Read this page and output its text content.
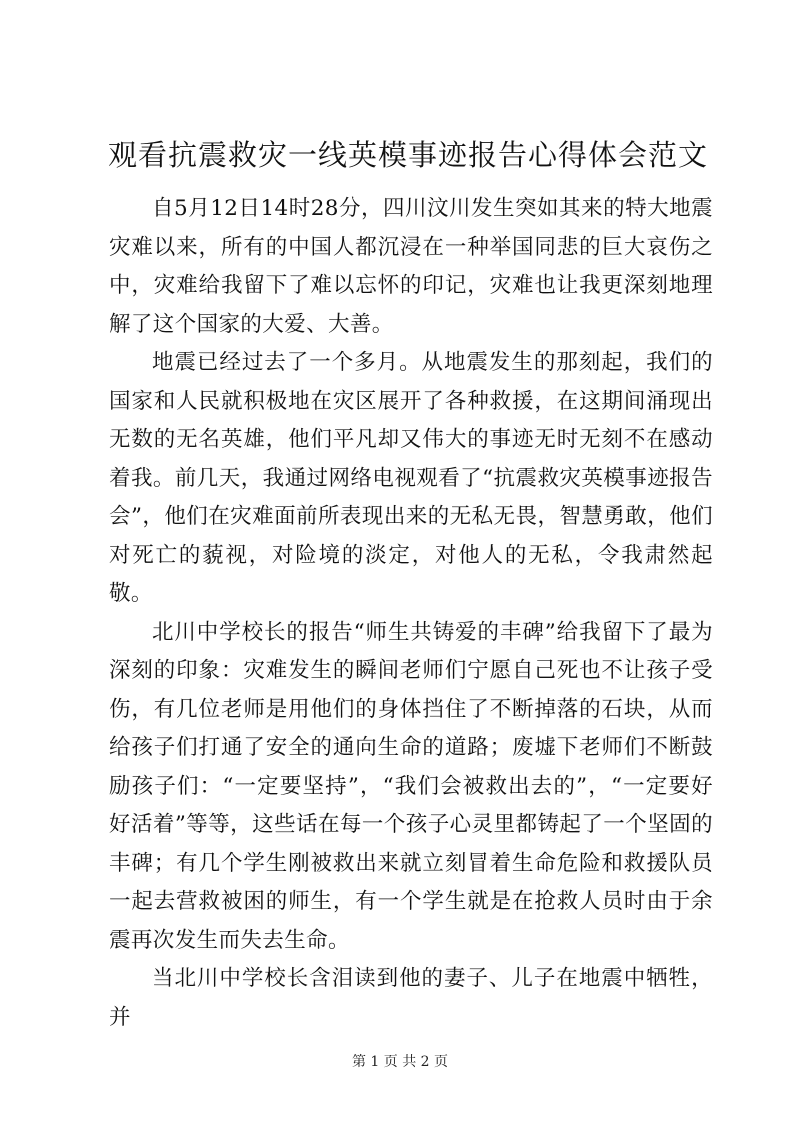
观看抗震救灾一线英模事迹报告心得体会范文

自5月12日14时28分，四川汶川发生突如其来的特大地震灾难以来，所有的中国人都沉浸在一种举国同悲的巨大哀伤之中，灾难给我留下了难以忘怀的印记，灾难也让我更深刻地理解了这个国家的大爱、大善。

地震已经过去了一个多月。从地震发生的那刻起，我们的国家和人民就积极地在灾区展开了各种救援，在这期间涌现出无数的无名英雄，他们平凡却又伟大的事迹无时无刻不在感动着我。前几天，我通过网络电视观看了“抗震救灾英模事迹报告会”，他们在灾难面前所表现出来的无私无畏，智慧勇敢，他们对死亡的藐视，对险境的淡定，对他人的无私，令我肃然起敬。

北川中学校长的报告“师生共铸爱的丰碑”给我留下了最为深刻的印象：灾难发生的瞬间老师们宁愿自己死也不让孩子受伤，有几位老师是用他们的身体挡住了不断掉落的石块，从而给孩子们打通了安全的通向生命的道路；废墟下老师们不断鼓励孩子们：“一定要坚持”，“我们会被救出去的”，“一定要好好活着”等等，这些话在每一个孩子心灵里都铸起了一个坚固的丰碑；有几个学生刚被救出来就立刻冒着生命危险和救援队员一起去营救被困的师生，有一个学生就是在抢救人员时由于余震再次发生而失去生命。

当北川中学校长含泪读到他的妻子、儿子在地震中牺牲，并

第 1 页 共 2 页
